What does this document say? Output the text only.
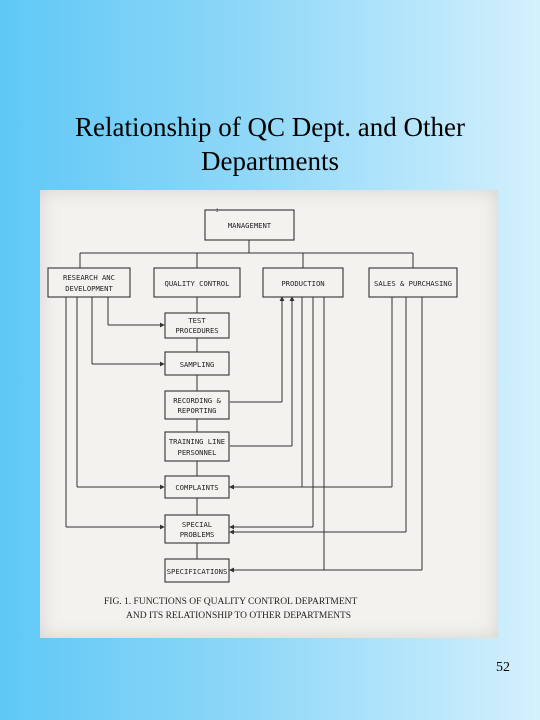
Relationship of QC Dept. and Other
Departments
:
MANAGEMENT
RESEARCH ANC
DEVELOPMENT
QUALITY CONTROL	PRODUCTION	SALES & PURCHASING
TEST
PROCEDURES
SAMPLING
RECORDING &
REPORTING
TRAINING LINE
PERSONNEL
COMPLAINTS
SPECIAL
PROBLEMS
SPECIFICATIONS
FIG. 1. FUNCTIONS OF QUALITY CONTROL DEPARTMENT
AND ITS RELATIONSHIP TO OTHER DEPARTMENTS
52
